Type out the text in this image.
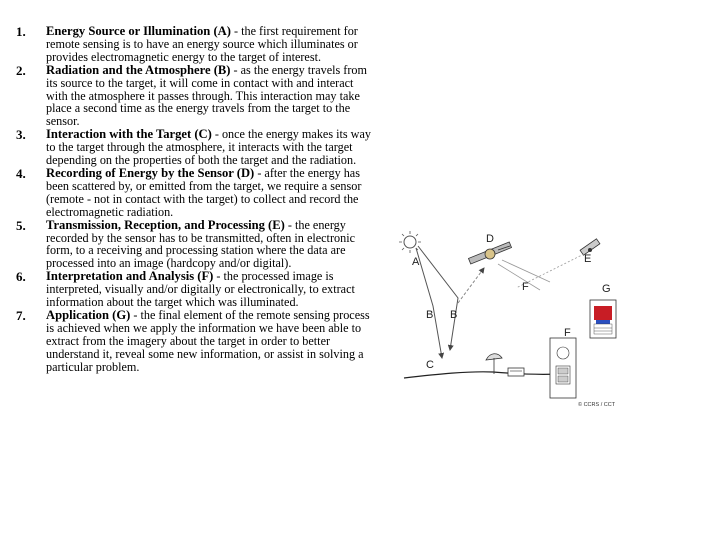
1.	Energy Source or Illumination (A) - the first requirement for remote sensing is to have an energy source which illuminates or provides electromagnetic energy to the target of interest.
2.	Radiation and the Atmosphere (B) - as the energy travels from its source to the target, it will come in contact with and interact with the atmosphere it passes through. This interaction may take place a second time as the energy travels from the target to the sensor.
3.	Interaction with the Target (C) - once the energy makes its way to the target through the atmosphere, it interacts with the target depending on the properties of both the target and the radiation.
4.	Recording of Energy by the Sensor (D) - after the energy has been scattered by, or emitted from the target, we require a sensor (remote - not in contact with the target) to collect and record the electromagnetic radiation.
5.	Transmission, Reception, and Processing (E) - the energy recorded by the sensor has to be transmitted, often in electronic form, to a receiving and processing station where the data are processed into an image (hardcopy and/or digital).
6.	Interpretation and Analysis (F) - the processed image is interpreted, visually and/or digitally or electronically, to extract information about the target which was illuminated.
7.	Application (G) - the final element of the remote sensing process is achieved when we apply the information we have been able to extract from the imagery about the target in order to better understand it, reveal some new information, or assist in solving a particular problem.
A
B B
C
D
E
F
F
G
© CCRS / CCT
